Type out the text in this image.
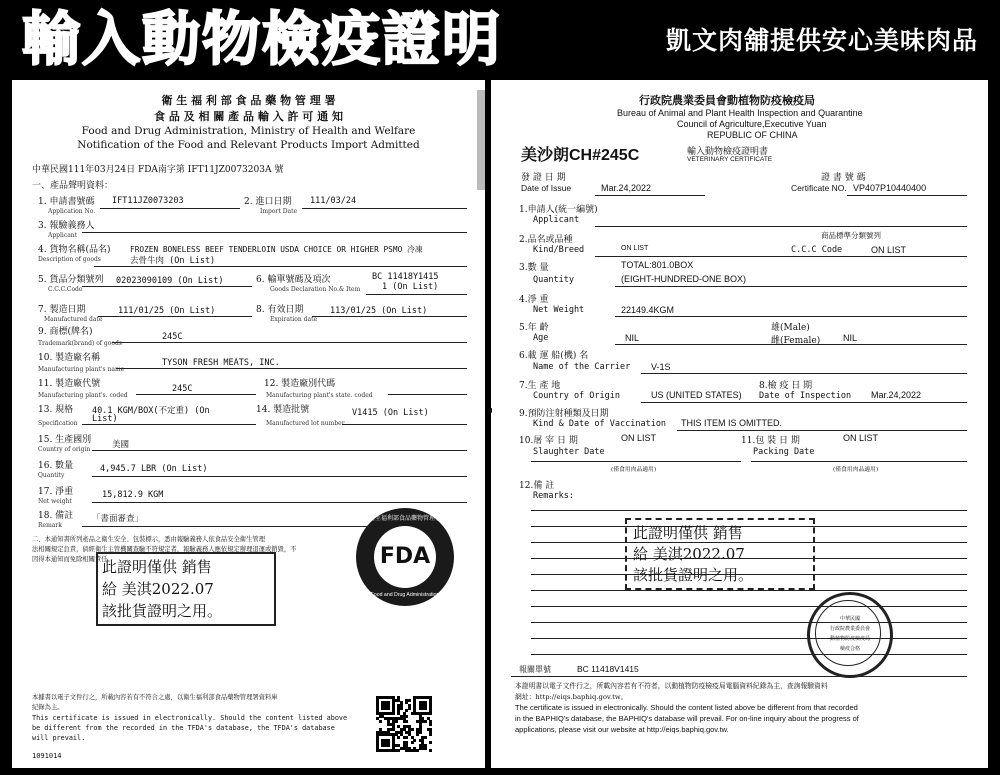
輸入動物檢疫證明	凱文肉舖提供安心美味肉品
衛 生 福 利 部 食 品 藥 物 管 理 署
食 品 及 相 關 產 品 輸 入 許 可 通 知
Food and Drug Administration, Ministry of Health and Welfare
Notification of the Food and Relevant Products Import Admitted
中華民國111年03月24日 FDA南字第 IFT11JZ0073203A 號
一、產品聲明資料：
1. 申請書號碼 IFT11JZ0073203
Application No.
2. 進口日期 111/03/24
Import Date
3. 報驗義務人
Applicant
4. 貨物名稱(品名)	FROZEN BONELESS BEEF TENDERLOIN USDA CHOICE OR HIGHER PSMO 冷凍
Description of goods	去骨牛肉 (On List)
5. 貨品分類號列 02023090109 (On List)
C.C.C.Code
6. 輸單號碼及項次	BC 11418Y1415
Goods Declaration No.& Item	1 (On List)
7. 製造日期	111/01/25 (On List)
Manufactured date
8. 有效日期	113/01/25 (On List)
Expiration date
9. 商標(牌名)	245C
Trademark(brand) of goods
10. 製造廠名稱	TYSON FRESH MEATS, INC.
Manufacturing plant's name
11. 製造廠代號	245C
Manufacturing plant's. coded
12. 製造廠別代碼
Manufacturing plant's state. coded
13. 規格 40.1 KGM/BOX(不定重) (On
Specification List)
14. 製造批號	V1415 (On List)
Manufactured lot number
15. 生產國別 美國
Country of origin
16. 數量	4,945.7 LBR (On List)
Quantity
17. 淨重	15,812.9 KGM
Net weight
18. 備註 「書面審查」
Remark
二、本通知書所列產品之衛生安全、包裝標示，悉由報驗義務人依食品安全衛生管理
法相關規定負責，倘經衛生主管機關查驗不符規定者，報驗義務人應依規定辦理退運或銷毀，不
因得本通知而免除相關責任。
此證明僅供 銷售
給 美淇2022.07
該批貨證明之用。
FDA
衛生福利部食品藥物管理署
Food and Drug Administration
本據書以電子文件行之，所載內容若有不符合之處，以衛生福利部食品藥物管理署資料庫
紀錄為主。
This certificate is issued in electronically. Should the content listed above
be different from the recorded in the TFDA's database, the TFDA's database
will prevail.
1091014
◂
行政院農業委員會動植物防疫檢疫局
Bureau of Animal and Plant Health Inspection and Quarantine
Council of Agriculture,Executive Yuan
REPUBLIC OF CHINA
美沙朗CH#245C	輸入動物檢疫證明書
VETERINARY CERTIFICATE
發 證 日 期
Date of Issue	Mar.24,2022
證 書 號 碼
Certificate NO. VP407P10440400
1.申請人(統一編號)
Applicant
2.品名或品種
Kind/Breed	ON LIST
商品標準分類號列
C.C.C Code	ON LIST
3.數 量	TOTAL:801.0BOX
Quantity	(EIGHT-HUNDRED-ONE BOX)
4.淨 重
Net Weight	22149.4KGM
5.年 齡
Age	NIL
雄(Male)
雌(Female)	NIL
6.載 運 船(機) 名
Name of the Carrier V-1S
7.生 產 地
Country of Origin	US (UNITED STATES)
8.檢 疫 日 期
Date of Inspection Mar.24,2022
9.預防注射種類及日期
Kind & Date of Vaccination THIS ITEM IS OMITTED.
10.屠 宰 日 期	ON LIST
Slaughter Date
(僅食用肉品適用)
11.包 裝 日 期	ON LIST
Packing Date
(僅食用肉品適用)
12.備 註
Remarks:
此證明僅供 銷售
給 美淇2022.07
該批貨證明之用。
中華民國
行政院農業委員會
動植物防疫檢疫局
檢疫合格
報關單號	BC 11418V1415
本證明書以電子文件行之，所載內容若有不符者，以動植物防疫檢疫局電腦資料紀錄為主，查詢報驗資料
網址：http://eiqs.baphiq.gov.tw。
The certificate is issued in electronically. Should the content listed above be different from that recorded
in the BAPHIQ's database, the BAPHIQ's database will prevail. For on-line inquiry about the progress of
applications, please visit our website at http://eiqs.baphiq.gov.tw.
